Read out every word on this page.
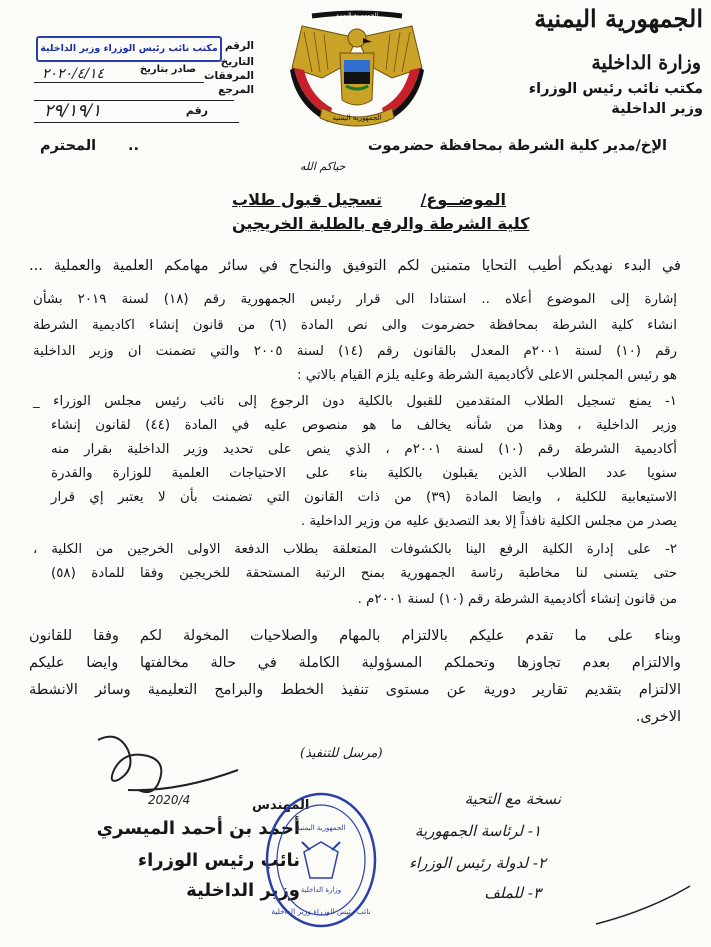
الجمهورية اليمنية
وزارة الداخلية
مكتب نائب رئيس الوزراء
وزير الداخلية
الجمهورية اليمنية
الجمهورية اليمنية
مكتب نائب رئيس الوزراء وزير الداخلية الرقم
التاريخ
المرفقات
المرجع
صادر بتاريخ
٢٠٢٠/٤/١٤
رقم
٢٩/١٩/١
الإخ/مدير كلية الشرطة بمحافظة حضرموت
..
المحترم
حياكم الله
الموضــوع/
تسجيل قبول طلاب
كلية الشرطة والرفع بالطلبة الخريجين
في البدء نهديكم أطيب التحايا متمنين لكم التوفيق والنجاح في سائر مهامكم العلمية والعملية ...
إشارة إلى الموضوع أعلاه .. استنادا الى قرار رئيس الجمهورية رقم (١٨) لسنة ٢٠١٩ بشأن
انشاء كلية الشرطة بمحافظة حضرموت والى نص المادة (٦) من قانون إنشاء اكاديمية الشرطة
رقم (١٠) لسنة ٢٠٠١م المعدل بالقانون رقم (١٤) لسنة ٢٠٠٥ والتي تضمنت ان وزير الداخلية
هو رئيس المجلس الاعلى لأكاديمية الشرطة وعليه يلزم القيام بالاتي :
١- يمنع تسجيل الطلاب المتقدمين للقبول بالكلية دون الرجوع إلى نائب رئيس مجلس الوزراء _
وزير الداخلية ، وهذا من شأنه يخالف ما هو منصوص عليه في المادة (٤٤) لقانون إنشاء
أكاديمية الشرطة رقم (١٠) لسنة ٢٠٠١م ، الذي ينص على تحديد وزير الداخلية بقرار منه
سنويا عدد الطلاب الذين يقبلون بالكلية بناء على الاحتياجات العلمية للوزارة والقدرة
الاستيعابية للكلية ، وايضا المادة (٣٩) من ذات القانون التي تضمنت بأن لا يعتبر إي قرار
يصدر من مجلس الكلية نافذاً إلا بعد التصديق عليه من وزير الداخلية .
٢- على إدارة الكلية الرفع الينا بالكشوفات المتعلقة بطلاب الدفعة الاولى الخرجين من الكلية ،
حتى يتسنى لنا مخاطبة رئاسة الجمهورية بمنح الرتبة المستحقة للخريجين وفقا للمادة (٥٨)
من قانون إنشاء أكاديمية الشرطة رقم (١٠) لسنة ٢٠٠١م .
وبناء على ما تقدم عليكم بالالتزام بالمهام والصلاحيات المخولة لكم وفقا للقانون
والالتزام بعدم تجاوزها وتحملكم المسؤولية الكاملة في حالة مخالفتها وايضا عليكم
الالتزام بتقديم تقارير دورية عن مستوى تنفيذ الخطط والبرامج التعليمية وسائر الانشطة
الاخرى.
(مرسل للتنفيذ)
2020/4	المهندس
أحمد بن أحمد الميسري
نائب رئيس الوزراء
وزير الداخلية
الجمهورية اليمنية
وزارة الداخلية
نائب رئيس الوزراء وزير الداخلية
نسخة مع التحية
١- لرئاسة الجمهورية
٢- لدولة رئيس الوزراء
٣- للملف
